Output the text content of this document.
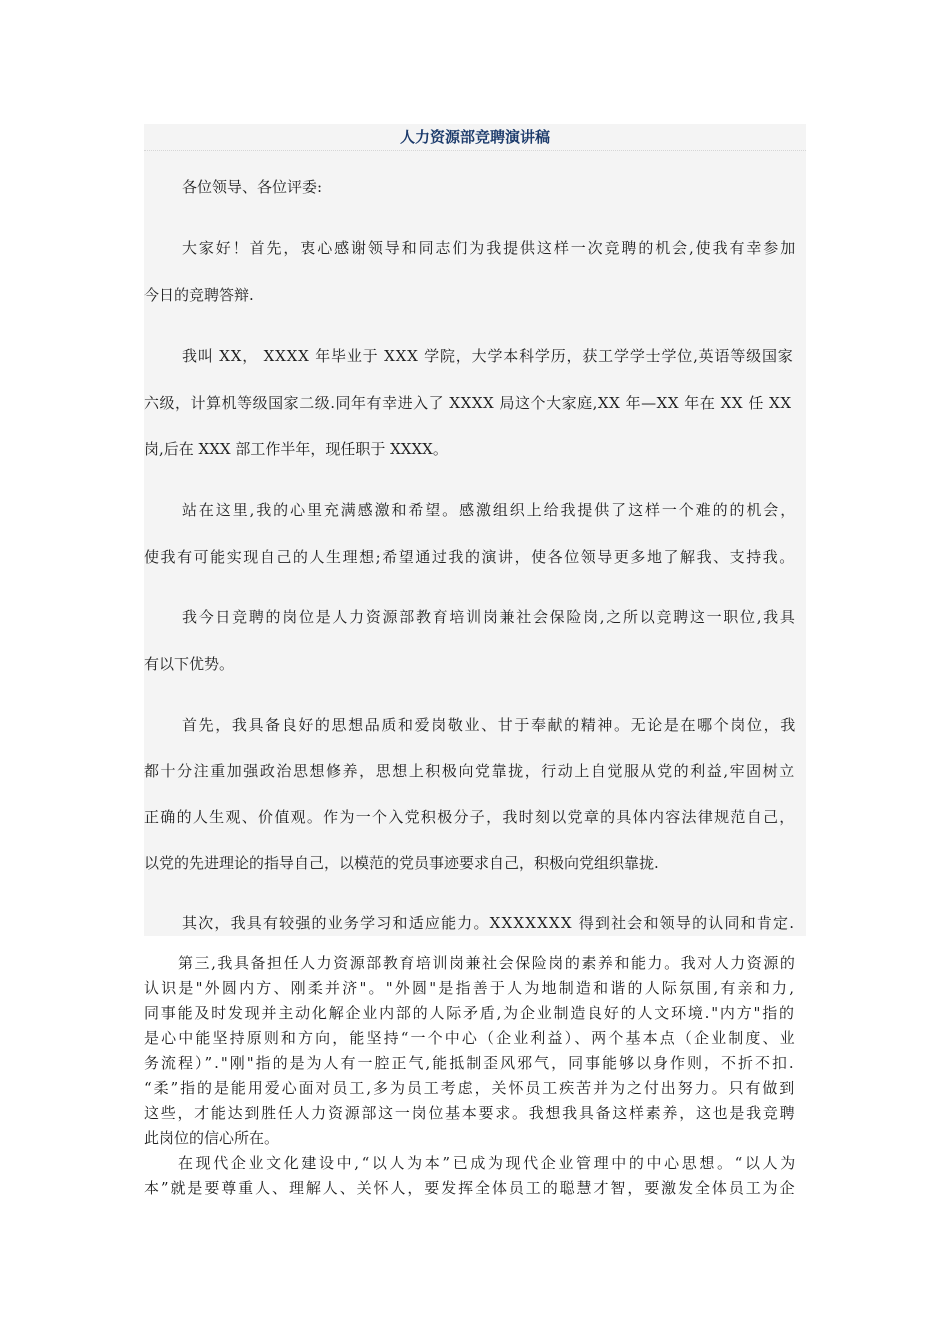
人力资源部竞聘演讲稿
各位领导、各位评委:
大家好！首先，衷心感谢领导和同志们为我提供这样一次竞聘的机会,使我有幸参加
今日的竞聘答辩.
我叫 XX， XXXX 年毕业于 XXX 学院，大学本科学历，获工学学士学位,英语等级国家
六级，计算机等级国家二级.同年有幸进入了 XXXX 局这个大家庭,XX 年—XX 年在 XX 任 XX
岗,后在 XXX 部工作半年，现任职于 XXXX。
站在这里,我的心里充满感激和希望。感激组织上给我提供了这样一个难的的机会，
使我有可能实现自己的人生理想;希望通过我的演讲，使各位领导更多地了解我、支持我。
我今日竞聘的岗位是人力资源部教育培训岗兼社会保险岗,之所以竞聘这一职位,我具
有以下优势。
首先，我具备良好的思想品质和爱岗敬业、甘于奉献的精神。无论是在哪个岗位，我
都十分注重加强政治思想修养，思想上积极向党靠拢，行动上自觉服从党的利益,牢固树立
正确的人生观、价值观。作为一个入党积极分子，我时刻以党章的具体内容法律规范自己，
以党的先进理论的指导自己，以模范的党员事迹要求自己，积极向党组织靠拢.
其次，我具有较强的业务学习和适应能力。XXXXXXX 得到社会和领导的认同和肯定.
第三,我具备担任人力资源部教育培训岗兼社会保险岗的素养和能力。我对人力资源的
认识是"外圆内方、刚柔并济"。"外圆"是指善于人为地制造和谐的人际氛围,有亲和力,
同事能及时发现并主动化解企业内部的人际矛盾,为企业制造良好的人文环境."内方"指的
是心中能坚持原则和方向，能坚持“一个中心（企业利益）、两个基本点（企业制度、业
务流程）”."刚"指的是为人有一腔正气,能抵制歪风邪气，同事能够以身作则，不折不扣.
“柔”指的是能用爱心面对员工,多为员工考虑，关怀员工疾苦并为之付出努力。只有做到
这些，才能达到胜任人力资源部这一岗位基本要求。我想我具备这样素养，这也是我竞聘
此岗位的信心所在。
在现代企业文化建设中,“以人为本”已成为现代企业管理中的中心思想。“以人为
本”就是要尊重人、理解人、关怀人，要发挥全体员工的聪慧才智，要激发全体员工为企
